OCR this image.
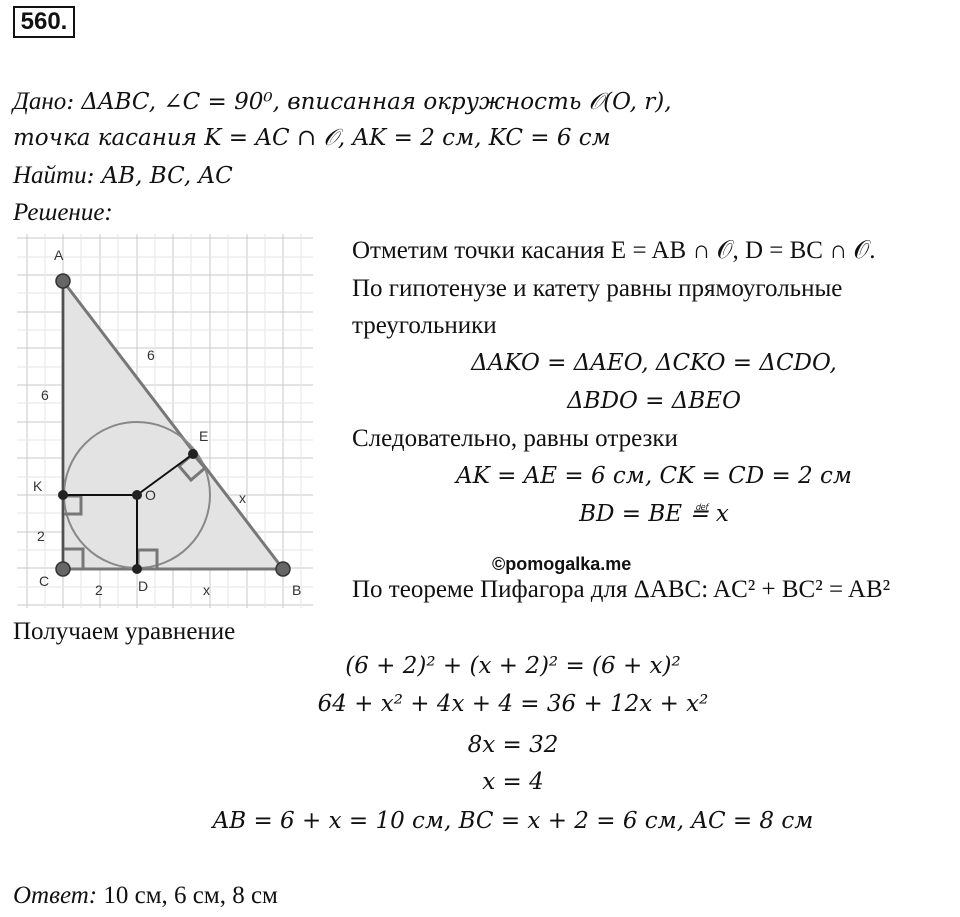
560.
Дано: ΔABC, ∠C = 90⁰, вписанная окружность 𝒪(O, r),
точка касания K = AC ∩ 𝒪, AK = 2 см, KC = 6 см
Найти: AB, BC, AC
Решение:
A
K
C	D	B
E
O
6
6
2
2	x
x
Отметим точки касания E = AB ∩ 𝒪, D = BC ∩ 𝒪.
По гипотенузе и катету равны прямоугольные
треугольники
ΔAKO = ΔAEO, ΔCKO = ΔCDO,
ΔBDO = ΔBEO
Следовательно, равны отрезки
AK = AE = 6 см, CK = CD = 2 см
BD = BE ≝ x
©pomogalka.me
По теореме Пифагора для ΔABC: AC² + BC² = AB²
Получаем уравнение
(6 + 2)² + (x + 2)² = (6 + x)²
64 + x² + 4x + 4 = 36 + 12x + x²
8x = 32
x = 4
AB = 6 + x = 10 см, BC = x + 2 = 6 см, AC = 8 см
Ответ: 10 см, 6 см, 8 см
